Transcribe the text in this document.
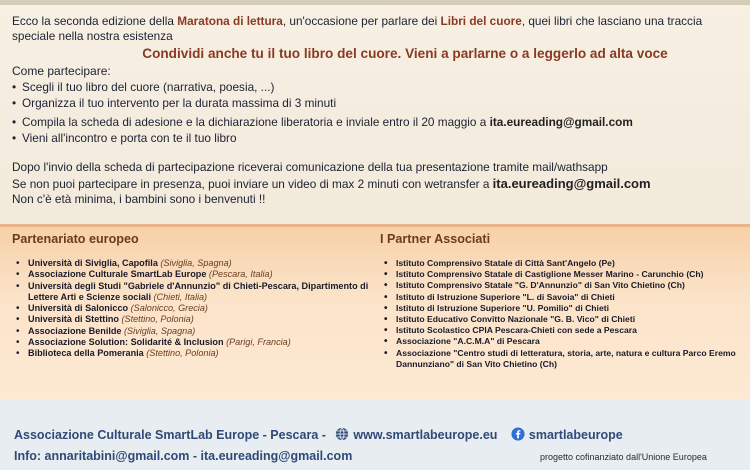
Ecco la seconda edizione della Maratona di lettura, un'occasione per parlare dei Libri del cuore, quei libri che lasciano una traccia speciale nella nostra esistenza

Condividi anche tu il tuo libro del cuore. Vieni a parlarne o a leggerlo ad alta voce

Come partecipare:

• Scegli il tuo libro del cuore (narrativa, poesia, ...)
• Organizza il tuo intervento per la durata massima di 3 minuti
• Compila la scheda di adesione e la dichiarazione liberatoria e inviale entro il 20 maggio a ita.eureading@gmail.com
• Vieni all'incontro e porta con te il tuo libro
Dopo l'invio della scheda di partecipazione riceverai comunicazione della tua presentazione tramite mail/wathsapp
Se non puoi partecipare in presenza, puoi inviare un video di max 2 minuti con wetransfer a ita.eureading@gmail.com
Non c'è età minima, i bambini sono i benvenuti !!
Partenariato europeo
• Università di Siviglia, Capofila (Siviglia, Spagna)
• Associazione Culturale SmartLab Europe (Pescara, Italia)
• Università degli Studi "Gabriele d'Annunzio" di Chieti-Pescara, Dipartimento di Lettere Arti e Scienze sociali (Chieti, Italia)
• Università di Salonicco (Salonicco, Grecia)
• Università di Stettino (Stettino, Polonia)
• Associazione Benilde (Siviglia, Spagna)
• Associazione Solution: Solidarité & Inclusion (Parigi, Francia)
• Biblioteca della Pomerania (Stettino, Polonia)
I Partner Associati
• Istituto Comprensivo Statale di Città Sant'Angelo (Pe)
• Istituto Comprensivo Statale di Castiglione Messer Marino - Carunchio (Ch)
• Istituto Comprensivo Statale "G. D'Annunzio" di San Vito Chietino (Ch)
• Istituto di Istruzione Superiore "L. di Savoia" di Chieti
• Istituto di Istruzione Superiore "U. Pomilio" di Chieti
• Istituto Educativo Convitto Nazionale "G. B. Vico" di Chieti
• Istituto Scolastico CPIA Pescara-Chieti con sede a Pescara
• Associazione "A.C.M.A" di Pescara
• Associazione "Centro studi di letteratura, storia, arte, natura e cultura Parco Eremo Dannunziano" di San Vito Chietino (Ch)
Associazione Culturale SmartLab Europe - Pescara - www.smartlabeurope.eu	smartlabeurope
Info: annaritabini@gmail.com - ita.eureading@gmail.com	progetto cofinanziato dall'Unione Europea
